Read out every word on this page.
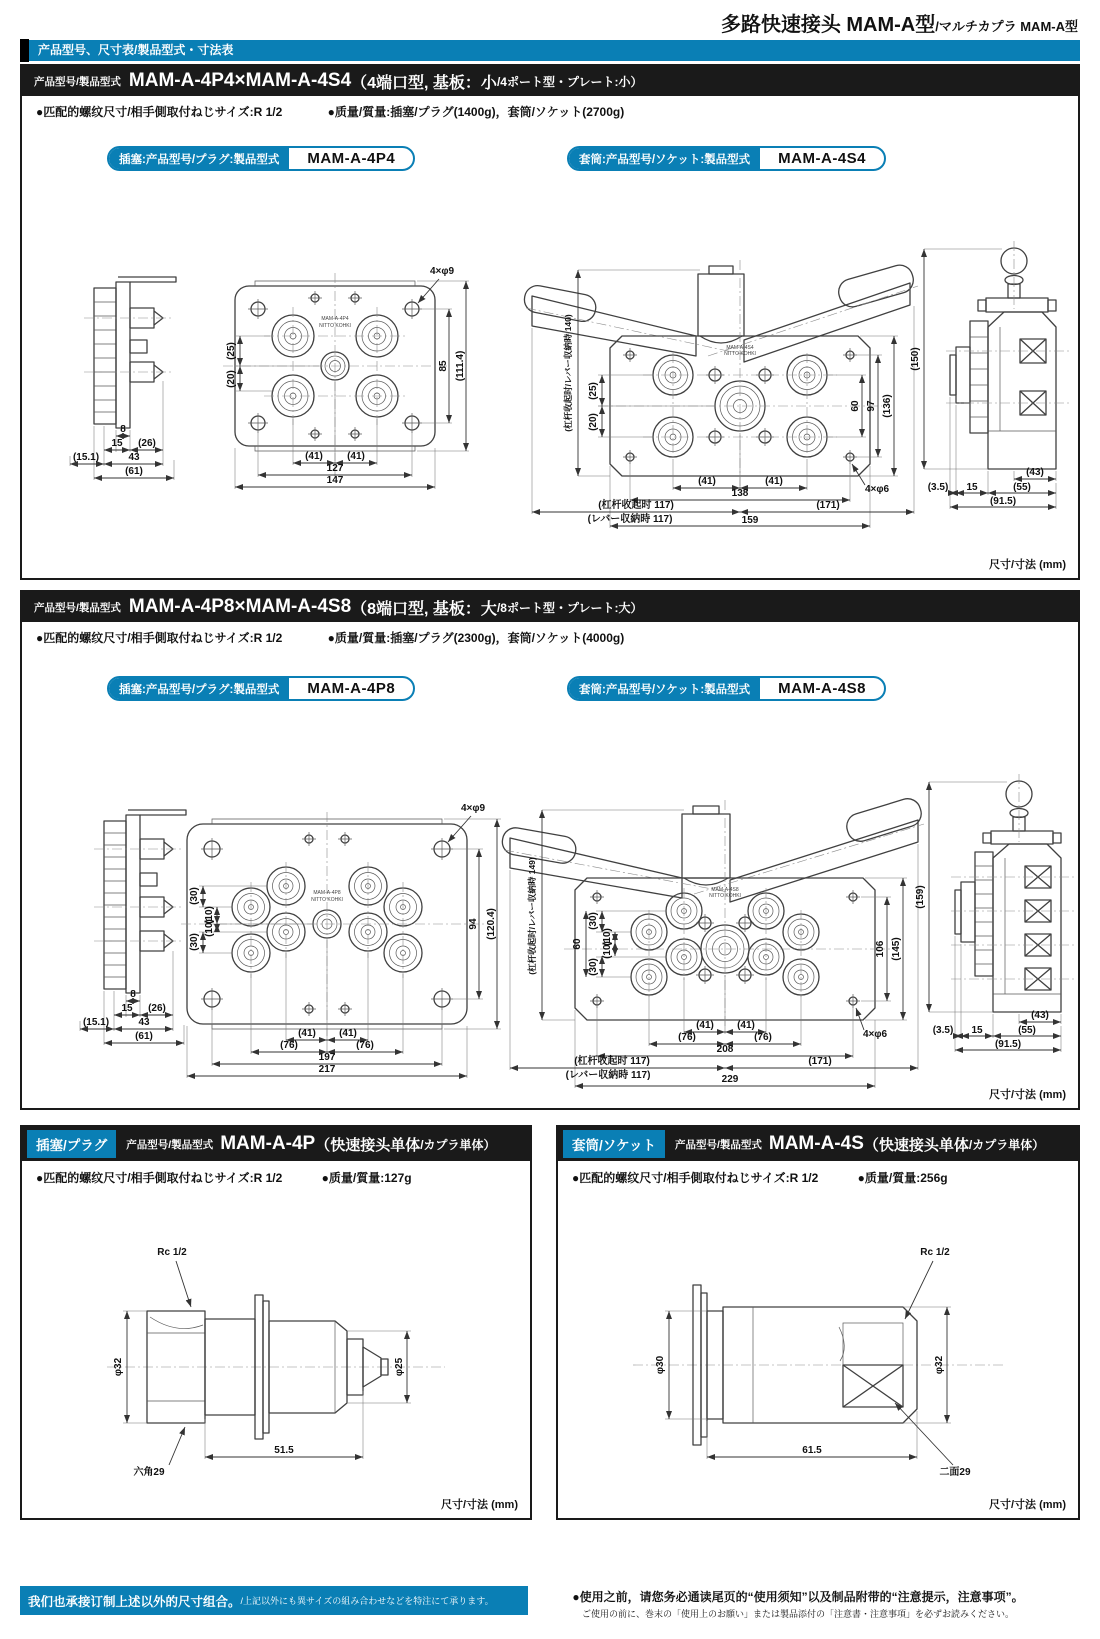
多路快速接头 MAM-A型/マルチカプラ MAM-A型
产品型号、尺寸表/製品型式・寸法表
产品型号/製品型式 MAM-A-4P4×MAM-A-4S4 （4端口型, 基板：小 /4ポート型・プレート:小）
●匹配的螺纹尺寸/相手側取付ねじサイズ:R 1/2	●质量/質量:插塞/プラグ(1400g)，套筒/ソケット(2700g)
插塞:产品型号/プラグ:製品型式	MAM-A-4P4	套筒:产品型号/ソケット:製品型式	MAM-A-4S4
8
15 (26)
(15.1)	43
(61)
MAM-A-4P4
NITTO KOHKI
4×φ9
85 (111.4)
(25)
(20)
(41) (41)
127
147
MAM-A-4S4
NITTO KOHKI
(杠杆收起时/レバー収納時 140) (25)
(20)
60 97 (136)
(41)	(41)
138
(杠杆收起时 117)	(171)
(レバー収納時 117)	159
4×φ6
(150)
(43)
(3.5) 15	(55)
(91.5)
尺寸/寸法 (mm)
产品型号/製品型式 MAM-A-4P8×MAM-A-4S8 （8端口型, 基板：大 /8ポート型・プレート:大）
●匹配的螺纹尺寸/相手側取付ねじサイズ:R 1/2	●质量/質量:插塞/プラグ(2300g)，套筒/ソケット(4000g)
插塞:产品型号/プラグ:製品型式	MAM-A-4P8	套筒:产品型号/ソケット:製品型式	MAM-A-4S8
8
15 (26)
(15.1)	43
(61)
MAM-A-4P8
NITTO KOHKI
4×φ9
94 (120.4)
(30)
(10)
(30)
(10)
(41) (41)
(76)	(76)
197
217
MAM-A-4S8
NITTO KOHKI
(杠杆收起时/レバー収納時 149)	60
(30)
(10)
(30)
(10)	106 (145)
(41) (41)
(76)	(76)
208
(杠杆收起时 117)	(171)
(レバー収納時 117)	229
4×φ6
(159)
(43)
(3.5) 15	(55)
(91.5)
尺寸/寸法 (mm)
插塞/プラグ	产品型号/製品型式 MAM-A-4P （快速接头单体 /カプラ単体）
●匹配的螺纹尺寸/相手側取付ねじサイズ:R 1/2	●质量/質量:127g
Rc 1/2
φ32	φ25
六角29
51.5
尺寸/寸法 (mm)
套筒/ソケット	产品型号/製品型式 MAM-A-4S （快速接头单体 /カプラ単体）
●匹配的螺纹尺寸/相手側取付ねじサイズ:R 1/2	●质量/質量:256g
Rc 1/2
φ30	φ32
二面29
61.5
尺寸/寸法 (mm)
我们也承接订制上述以外的尺寸组合。 /上記以外にも異サイズの組み合わせなどを特注にて承ります。	●使用之前，请您务必通读尾页的“使用须知”以及制品附带的“注意提示，注意事项”。
ご使用の前に、巻末の「使用上のお願い」または製品添付の「注意書・注意事項」を必ずお読みください。
